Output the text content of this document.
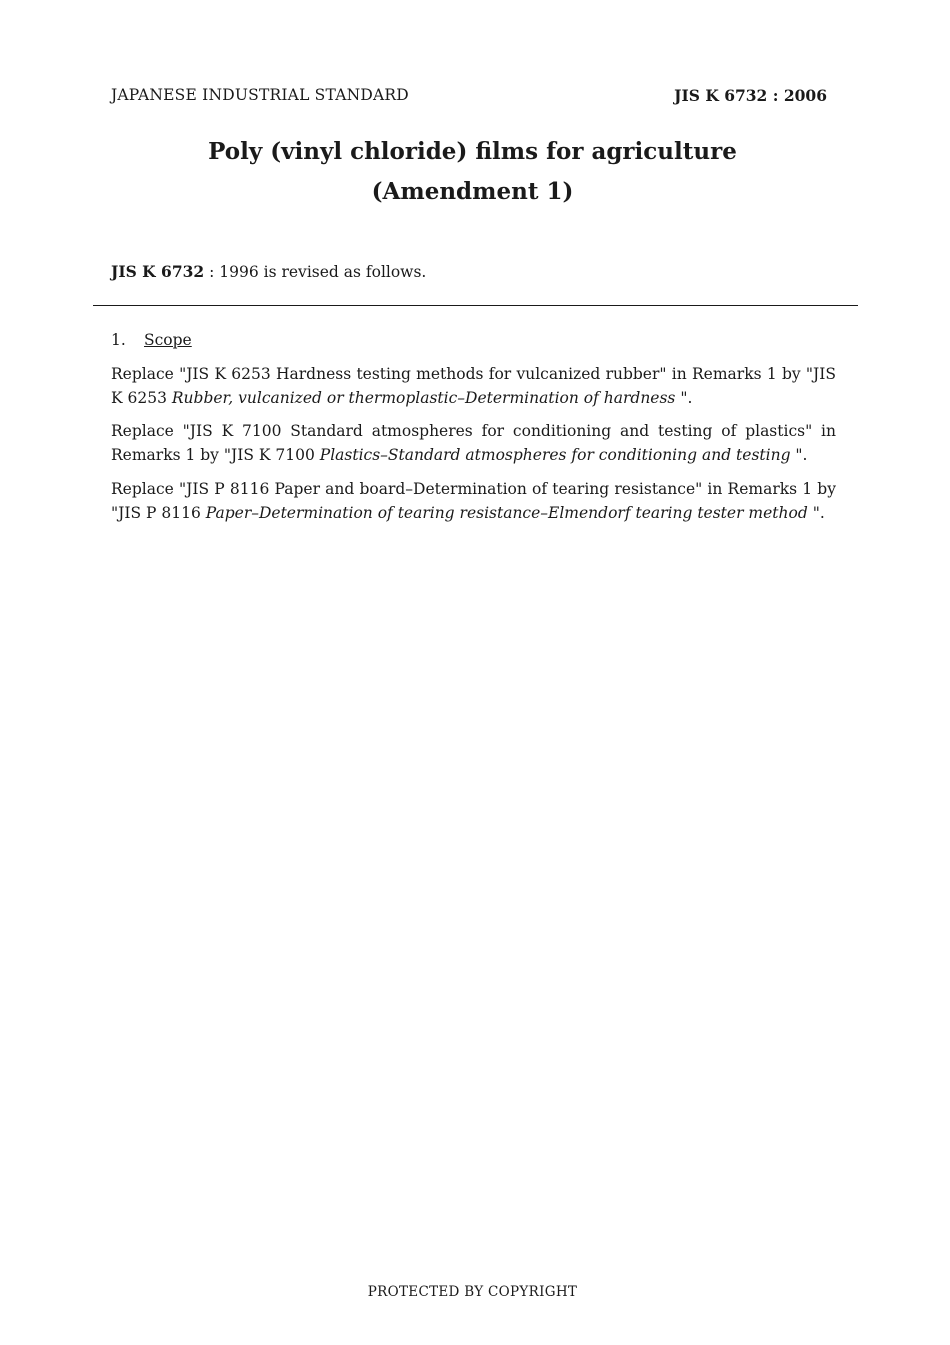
JAPANESE INDUSTRIAL STANDARD	JIS K 6732 : 2006
Poly (vinyl chloride) films for agriculture
(Amendment 1)
JIS K 6732 : 1996 is revised as follows.
1. Scope
Replace "JIS K 6253 Hardness testing methods for vulcanized rubber" in Remarks 1 by "JIS K 6253 Rubber, vulcanized or thermoplastic–Determination of hardness ".
Replace "JIS K 7100 Standard atmospheres for conditioning and testing of plastics" in Remarks 1 by "JIS K 7100 Plastics–Standard atmospheres for conditioning and testing ".
Replace "JIS P 8116 Paper and board–Determination of tearing resistance" in Remarks 1 by "JIS P 8116 Paper–Determination of tearing resistance–Elmendorf tearing tester method ".
PROTECTED BY COPYRIGHT
